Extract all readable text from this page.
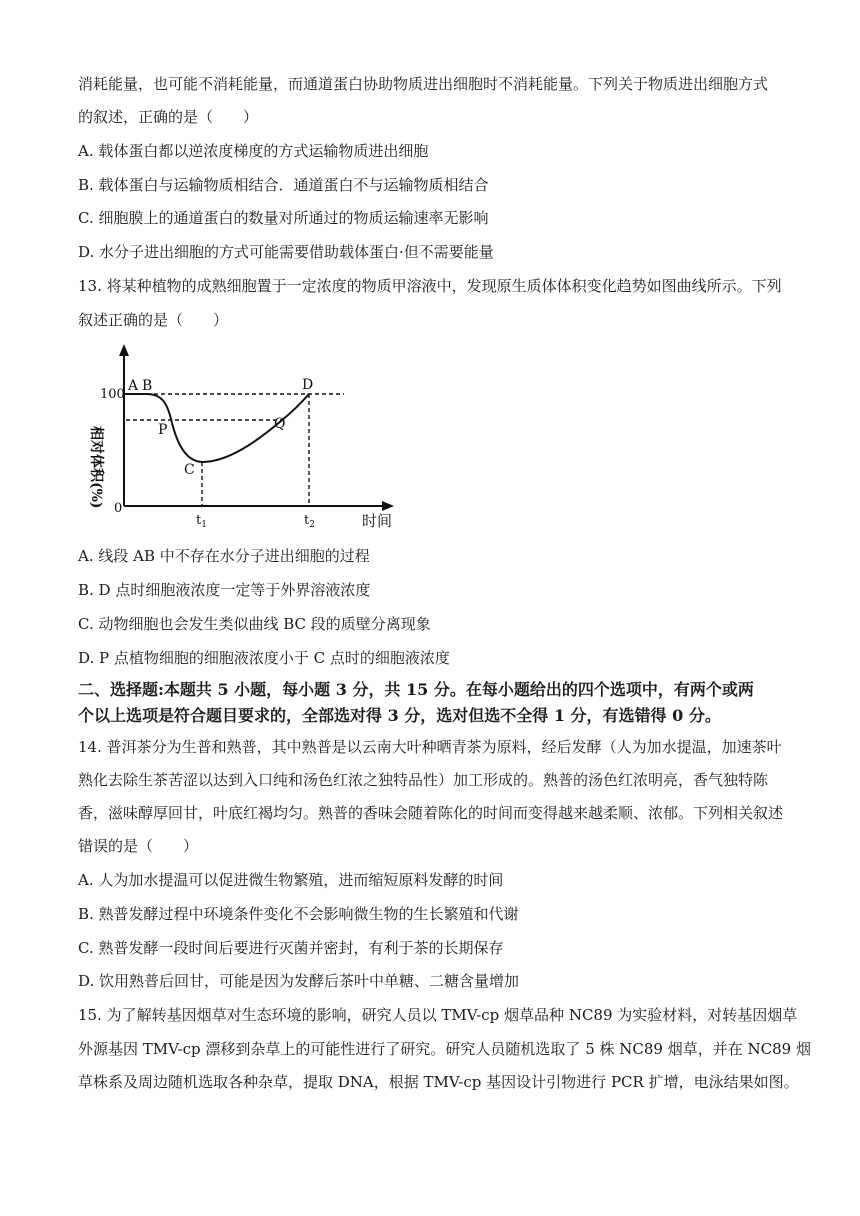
消耗能量，也可能不消耗能量，而通道蛋白协助物质进出细胞时不消耗能量。下列关于物质进出细胞方式
的叙述，正确的是（　　）
A. 载体蛋白都以逆浓度梯度的方式运输物质进出细胞
B. 载体蛋白与运输物质相结合．通道蛋白不与运输物质相结合
C. 细胞膜上的通道蛋白的数量对所通过的物质运输速率无影响
D. 水分子进出细胞的方式可能需要借助载体蛋白·但不需要能量
13. 将某种植物的成熟细胞置于一定浓度的物质甲溶液中，发现原生质体体积变化趋势如图曲线所示。下列
叙述正确的是（　　）
100
0
相对体积(%)
时间
$t_1$	$t_2$
A B	D
P	Q
C
A. 线段 AB 中不存在水分子进出细胞的过程
B. D 点时细胞液浓度一定等于外界溶液浓度
C. 动物细胞也会发生类似曲线 BC 段的质壁分离现象
D. P 点植物细胞的细胞液浓度小于 C 点时的细胞液浓度
二、选择题:本题共 5 小题，每小题 3 分，共 15 分。在每小题给出的四个选项中，有两个或两
个以上选项是符合题目要求的，全部选对得 3 分，选对但选不全得 1 分，有选错得 0 分。
14. 普洱茶分为生普和熟普，其中熟普是以云南大叶种晒青茶为原料，经后发酵（人为加水提温，加速茶叶
熟化去除生茶苦涩以达到入口纯和汤色红浓之独特品性）加工形成的。熟普的汤色红浓明亮，香气独特陈
香，滋味醇厚回甘，叶底红褐均匀。熟普的香味会随着陈化的时间而变得越来越柔顺、浓郁。下列相关叙述
错误的是（　　）
A. 人为加水提温可以促进微生物繁殖，进而缩短原料发酵的时间
B. 熟普发酵过程中环境条件变化不会影响微生物的生长繁殖和代谢
C. 熟普发酵一段时间后要进行灭菌并密封，有利于茶的长期保存
D. 饮用熟普后回甘，可能是因为发酵后茶叶中单糖、二糖含量增加
15. 为了解转基因烟草对生态环境的影响，研究人员以 TMV-cp 烟草品种 NC89 为实验材料，对转基因烟草
外源基因 TMV-cp 漂移到杂草上的可能性进行了研究。研究人员随机选取了 5 株 NC89 烟草，并在 NC89 烟
草株系及周边随机选取各种杂草，提取 DNA，根据 TMV-cp 基因设计引物进行 PCR 扩增，电泳结果如图。
